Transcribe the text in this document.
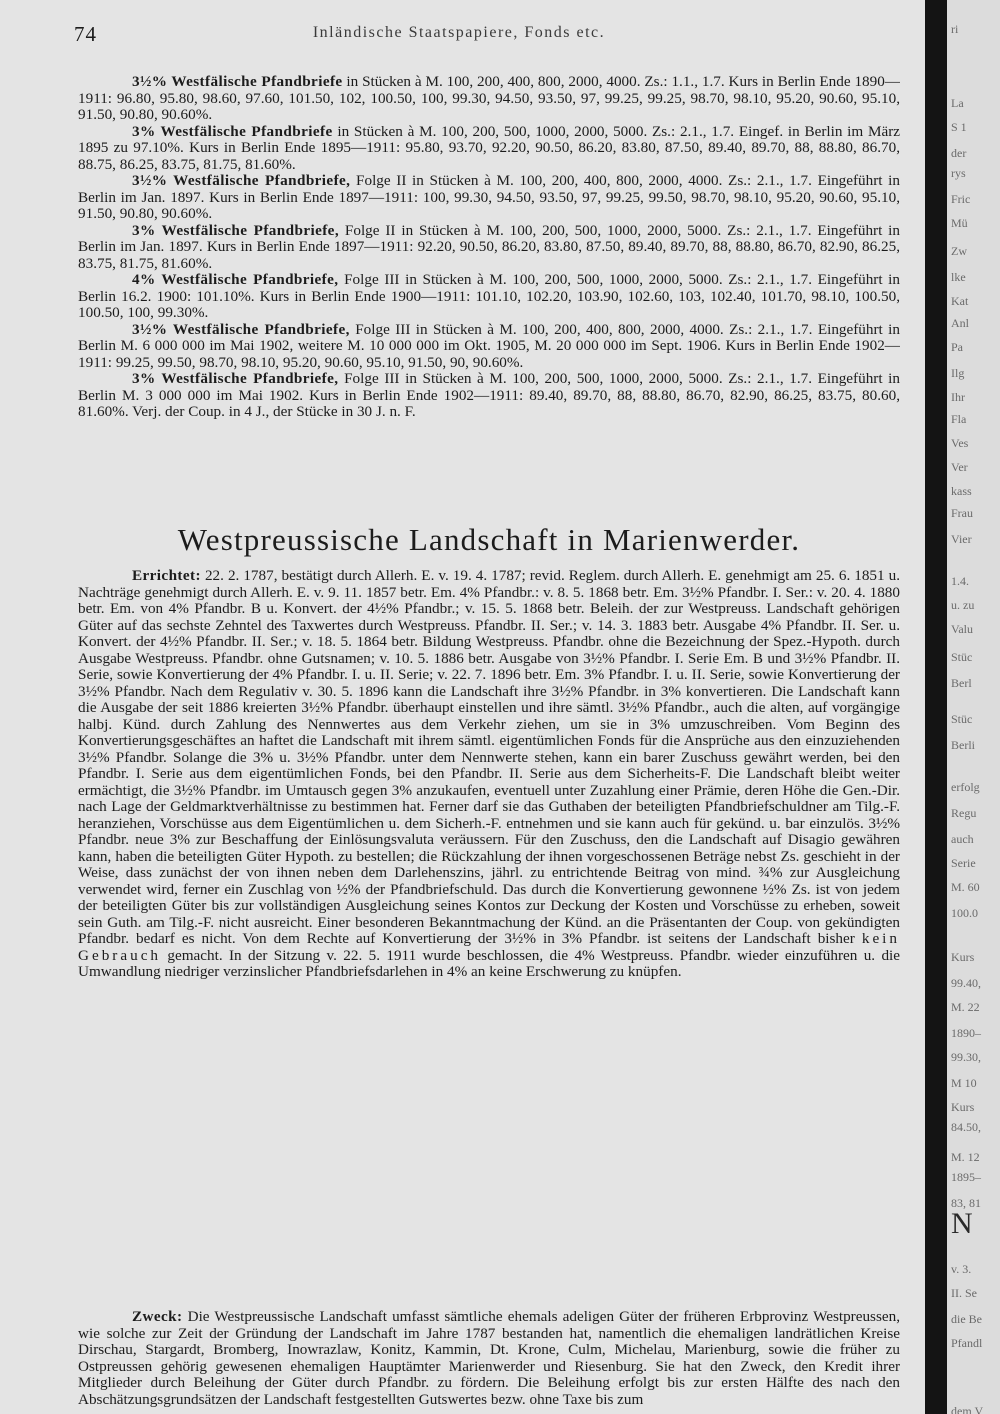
74	Inländische Staatspapiere, Fonds etc.
3½% Westfälische Pfandbriefe in Stücken à M. 100, 200, 400, 800, 2000, 4000. Zs.: 1.1., 1.7. Kurs in Berlin Ende 1890—1911: 96.80, 95.80, 98.60, 97.60, 101.50, 102, 100.50, 100, 99.30, 94.50, 93.50, 97, 99.25, 99.25, 98.70, 98.10, 95.20, 90.60, 95.10, 91.50, 90.80, 90.60%.
3% Westfälische Pfandbriefe in Stücken à M. 100, 200, 500, 1000, 2000, 5000. Zs.: 2.1., 1.7. Eingef. in Berlin im März 1895 zu 97.10%. Kurs in Berlin Ende 1895—1911: 95.80, 93.70, 92.20, 90.50, 86.20, 83.80, 87.50, 89.40, 89.70, 88, 88.80, 86.70, 88.75, 86.25, 83.75, 81.75, 81.60%.
3½% Westfälische Pfandbriefe, Folge II in Stücken à M. 100, 200, 400, 800, 2000, 4000. Zs.: 2.1., 1.7. Eingeführt in Berlin im Jan. 1897. Kurs in Berlin Ende 1897—1911: 100, 99.30, 94.50, 93.50, 97, 99.25, 99.50, 98.70, 98.10, 95.20, 90.60, 95.10, 91.50, 90.80, 90.60%.
3% Westfälische Pfandbriefe, Folge II in Stücken à M. 100, 200, 500, 1000, 2000, 5000. Zs.: 2.1., 1.7. Eingeführt in Berlin im Jan. 1897. Kurs in Berlin Ende 1897—1911: 92.20, 90.50, 86.20, 83.80, 87.50, 89.40, 89.70, 88, 88.80, 86.70, 82.90, 86.25, 83.75, 81.75, 81.60%.
4% Westfälische Pfandbriefe, Folge III in Stücken à M. 100, 200, 500, 1000, 2000, 5000. Zs.: 2.1., 1.7. Eingeführt in Berlin 16.2. 1900: 101.10%. Kurs in Berlin Ende 1900—1911: 101.10, 102.20, 103.90, 102.60, 103, 102.40, 101.70, 98.10, 100.50, 100.50, 100, 99.30%.
3½% Westfälische Pfandbriefe, Folge III in Stücken à M. 100, 200, 400, 800, 2000, 4000. Zs.: 2.1., 1.7. Eingeführt in Berlin M. 6 000 000 im Mai 1902, weitere M. 10 000 000 im Okt. 1905, M. 20 000 000 im Sept. 1906. Kurs in Berlin Ende 1902—1911: 99.25, 99.50, 98.70, 98.10, 95.20, 90.60, 95.10, 91.50, 90, 90.60%.
3% Westfälische Pfandbriefe, Folge III in Stücken à M. 100, 200, 500, 1000, 2000, 5000. Zs.: 2.1., 1.7. Eingeführt in Berlin M. 3 000 000 im Mai 1902. Kurs in Berlin Ende 1902—1911: 89.40, 89.70, 88, 88.80, 86.70, 82.90, 86.25, 83.75, 80.60, 81.60%. Verj. der Coup. in 4 J., der Stücke in 30 J. n. F.
Westpreussische Landschaft in Marienwerder.
Errichtet: 22. 2. 1787, bestätigt durch Allerh. E. v. 19. 4. 1787; revid. Reglem. durch Allerh. E. genehmigt am 25. 6. 1851 u. Nachträge genehmigt durch Allerh. E. v. 9. 11. 1857 betr. Em. 4% Pfandbr.: v. 8. 5. 1868 betr. Em. 3½% Pfandbr. I. Ser.: v. 20. 4. 1880 betr. Em. von 4% Pfandbr. B u. Konvert. der 4½% Pfandbr.; v. 15. 5. 1868 betr. Beleih. der zur Westpreuss. Landschaft gehörigen Güter auf das sechste Zehntel des Taxwertes durch Westpreuss. Pfandbr. II. Ser.; v. 14. 3. 1883 betr. Ausgabe 4% Pfandbr. II. Ser. u. Konvert. der 4½% Pfandbr. II. Ser.; v. 18. 5. 1864 betr. Bildung Westpreuss. Pfandbr. ohne die Bezeichnung der Spez.-Hypoth. durch Ausgabe Westpreuss. Pfandbr. ohne Gutsnamen; v. 10. 5. 1886 betr. Ausgabe von 3½% Pfandbr. I. Serie Em. B und 3½% Pfandbr. II. Serie, sowie Konvertierung der 4% Pfandbr. I. u. II. Serie; v. 22. 7. 1896 betr. Em. 3% Pfandbr. I. u. II. Serie, sowie Konvertierung der 3½% Pfandbr. Nach dem Regulativ v. 30. 5. 1896 kann die Landschaft ihre 3½% Pfandbr. in 3% konvertieren. Die Landschaft kann die Ausgabe der seit 1886 kreierten 3½% Pfandbr. überhaupt einstellen und ihre sämtl. 3½% Pfandbr., auch die alten, auf vorgängige halbj. Künd. durch Zahlung des Nennwertes aus dem Verkehr ziehen, um sie in 3% umzuschreiben. Vom Beginn des Konvertierungsgeschäftes an haftet die Landschaft mit ihrem sämtl. eigentümlichen Fonds für die Ansprüche aus den einzuziehenden 3½% Pfandbr. Solange die 3% u. 3½% Pfandbr. unter dem Nennwerte stehen, kann ein barer Zuschuss gewährt werden, bei den Pfandbr. I. Serie aus dem eigentümlichen Fonds, bei den Pfandbr. II. Serie aus dem Sicherheits-F. Die Landschaft bleibt weiter ermächtigt, die 3½% Pfandbr. im Umtausch gegen 3% anzukaufen, eventuell unter Zuzahlung einer Prämie, deren Höhe die Gen.-Dir. nach Lage der Geldmarktverhältnisse zu bestimmen hat. Ferner darf sie das Guthaben der beteiligten Pfandbriefschuldner am Tilg.-F. heranziehen, Vorschüsse aus dem Eigentümlichen u. dem Sicherh.-F. entnehmen und sie kann auch für gekünd. u. bar einzulös. 3½% Pfandbr. neue 3% zur Beschaffung der Einlösungsvaluta veräussern. Für den Zuschuss, den die Landschaft auf Disagio gewähren kann, haben die beteiligten Güter Hypoth. zu bestellen; die Rückzahlung der ihnen vorgeschossenen Beträge nebst Zs. geschieht in der Weise, dass zunächst der von ihnen neben dem Darlehenszins, jährl. zu entrichtende Beitrag von mind. ¾% zur Ausgleichung verwendet wird, ferner ein Zuschlag von ½% der Pfandbriefschuld. Das durch die Konvertierung gewonnene ½% Zs. ist von jedem der beteiligten Güter bis zur vollständigen Ausgleichung seines Kontos zur Deckung der Kosten und Vorschüsse zu erheben, soweit sein Guth. am Tilg.-F. nicht ausreicht. Einer besonderen Bekanntmachung der Künd. an die Präsentanten der Coup. von gekündigten Pfandbr. bedarf es nicht. Von dem Rechte auf Konvertierung der 3½% in 3% Pfandbr. ist seitens der Landschaft bisher kein Gebrauch gemacht. In der Sitzung v. 22. 5. 1911 wurde beschlossen, die 4% Westpreuss. Pfandbr. wieder einzuführen u. die Umwandlung niedriger verzinslicher Pfandbriefsdarlehen in 4% an keine Erschwerung zu knüpfen.
Zweck: Die Westpreussische Landschaft umfasst sämtliche ehemals adeligen Güter der früheren Erbprovinz Westpreussen, wie solche zur Zeit der Gründung der Landschaft im Jahre 1787 bestanden hat, namentlich die ehemaligen landrätlichen Kreise Dirschau, Stargardt, Bromberg, Inowrazlaw, Konitz, Kammin, Dt. Krone, Culm, Michelau, Marienburg, sowie die früher zu Ostpreussen gehörig gewesenen ehemaligen Hauptämter Marienwerder und Riesenburg. Sie hat den Zweck, den Kredit ihrer Mitglieder durch Beleihung der Güter durch Pfandbr. zu fördern. Die Beleihung erfolgt bis zur ersten Hälfte des nach den Abschätzungsgrundsätzen der Landschaft festgestellten Gutswertes bezw. ohne Taxe bis zum
ri
La
S 1
der
rys
Fric
Mü
Zw
lke
Kat
Anl
Pa
Ilg
Ihr
Fla
Ves
Ver
kass
Frau
Vier
1.4.
u. zu
Valu
Stüc
Berl
Stüc
Berli
erfolg
Regu
auch
Serie
M. 60
100.0
Kurs
99.40,
M. 22
1890–
99.30,
M 10
Kurs
84.50,
M. 12
1895–
83, 81
N
v. 3.
II. Se
die Be
Pfandl
dem V
